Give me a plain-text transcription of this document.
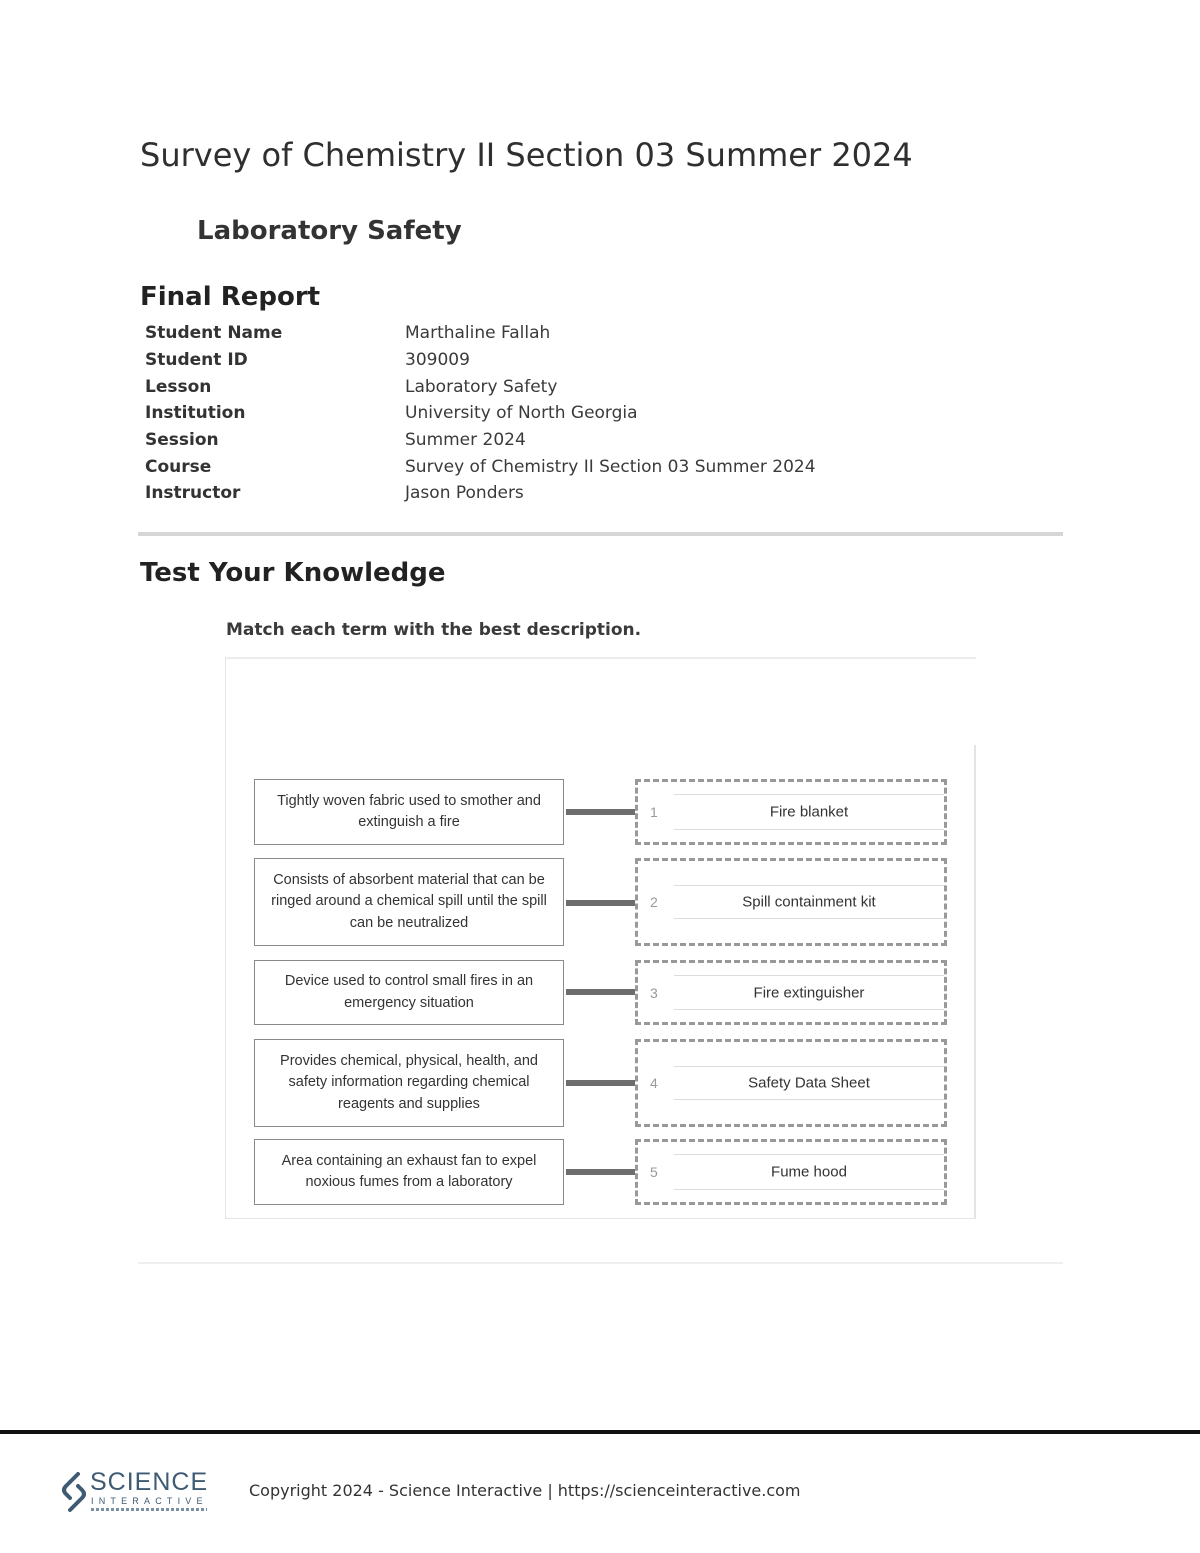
Survey of Chemistry II Section 03 Summer 2024
Laboratory Safety
Final Report
Student Name	Marthaline Fallah
Student ID	309009
Lesson	Laboratory Safety
Institution	University of North Georgia
Session	Summer 2024
Course	Survey of Chemistry II Section 03 Summer 2024
Instructor	Jason Ponders
Test Your Knowledge

Match each term with the best description.

Tightly woven fabric used to smother and extinguish a fire
1	Fire blanket
Consists of absorbent material that can be ringed around a chemical spill until the spill can be neutralized
2	Spill containment kit
Device used to control small fires in an emergency situation
3	Fire extinguisher
Provides chemical, physical, health, and safety information regarding chemical reagents and supplies
4	Safety Data Sheet
Area containing an exhaust fan to expel noxious fumes from a laboratory
5	Fume hood
SCIENCE
INTERACTIVE
Copyright 2024 - Science Interactive | https://scienceinteractive.com
